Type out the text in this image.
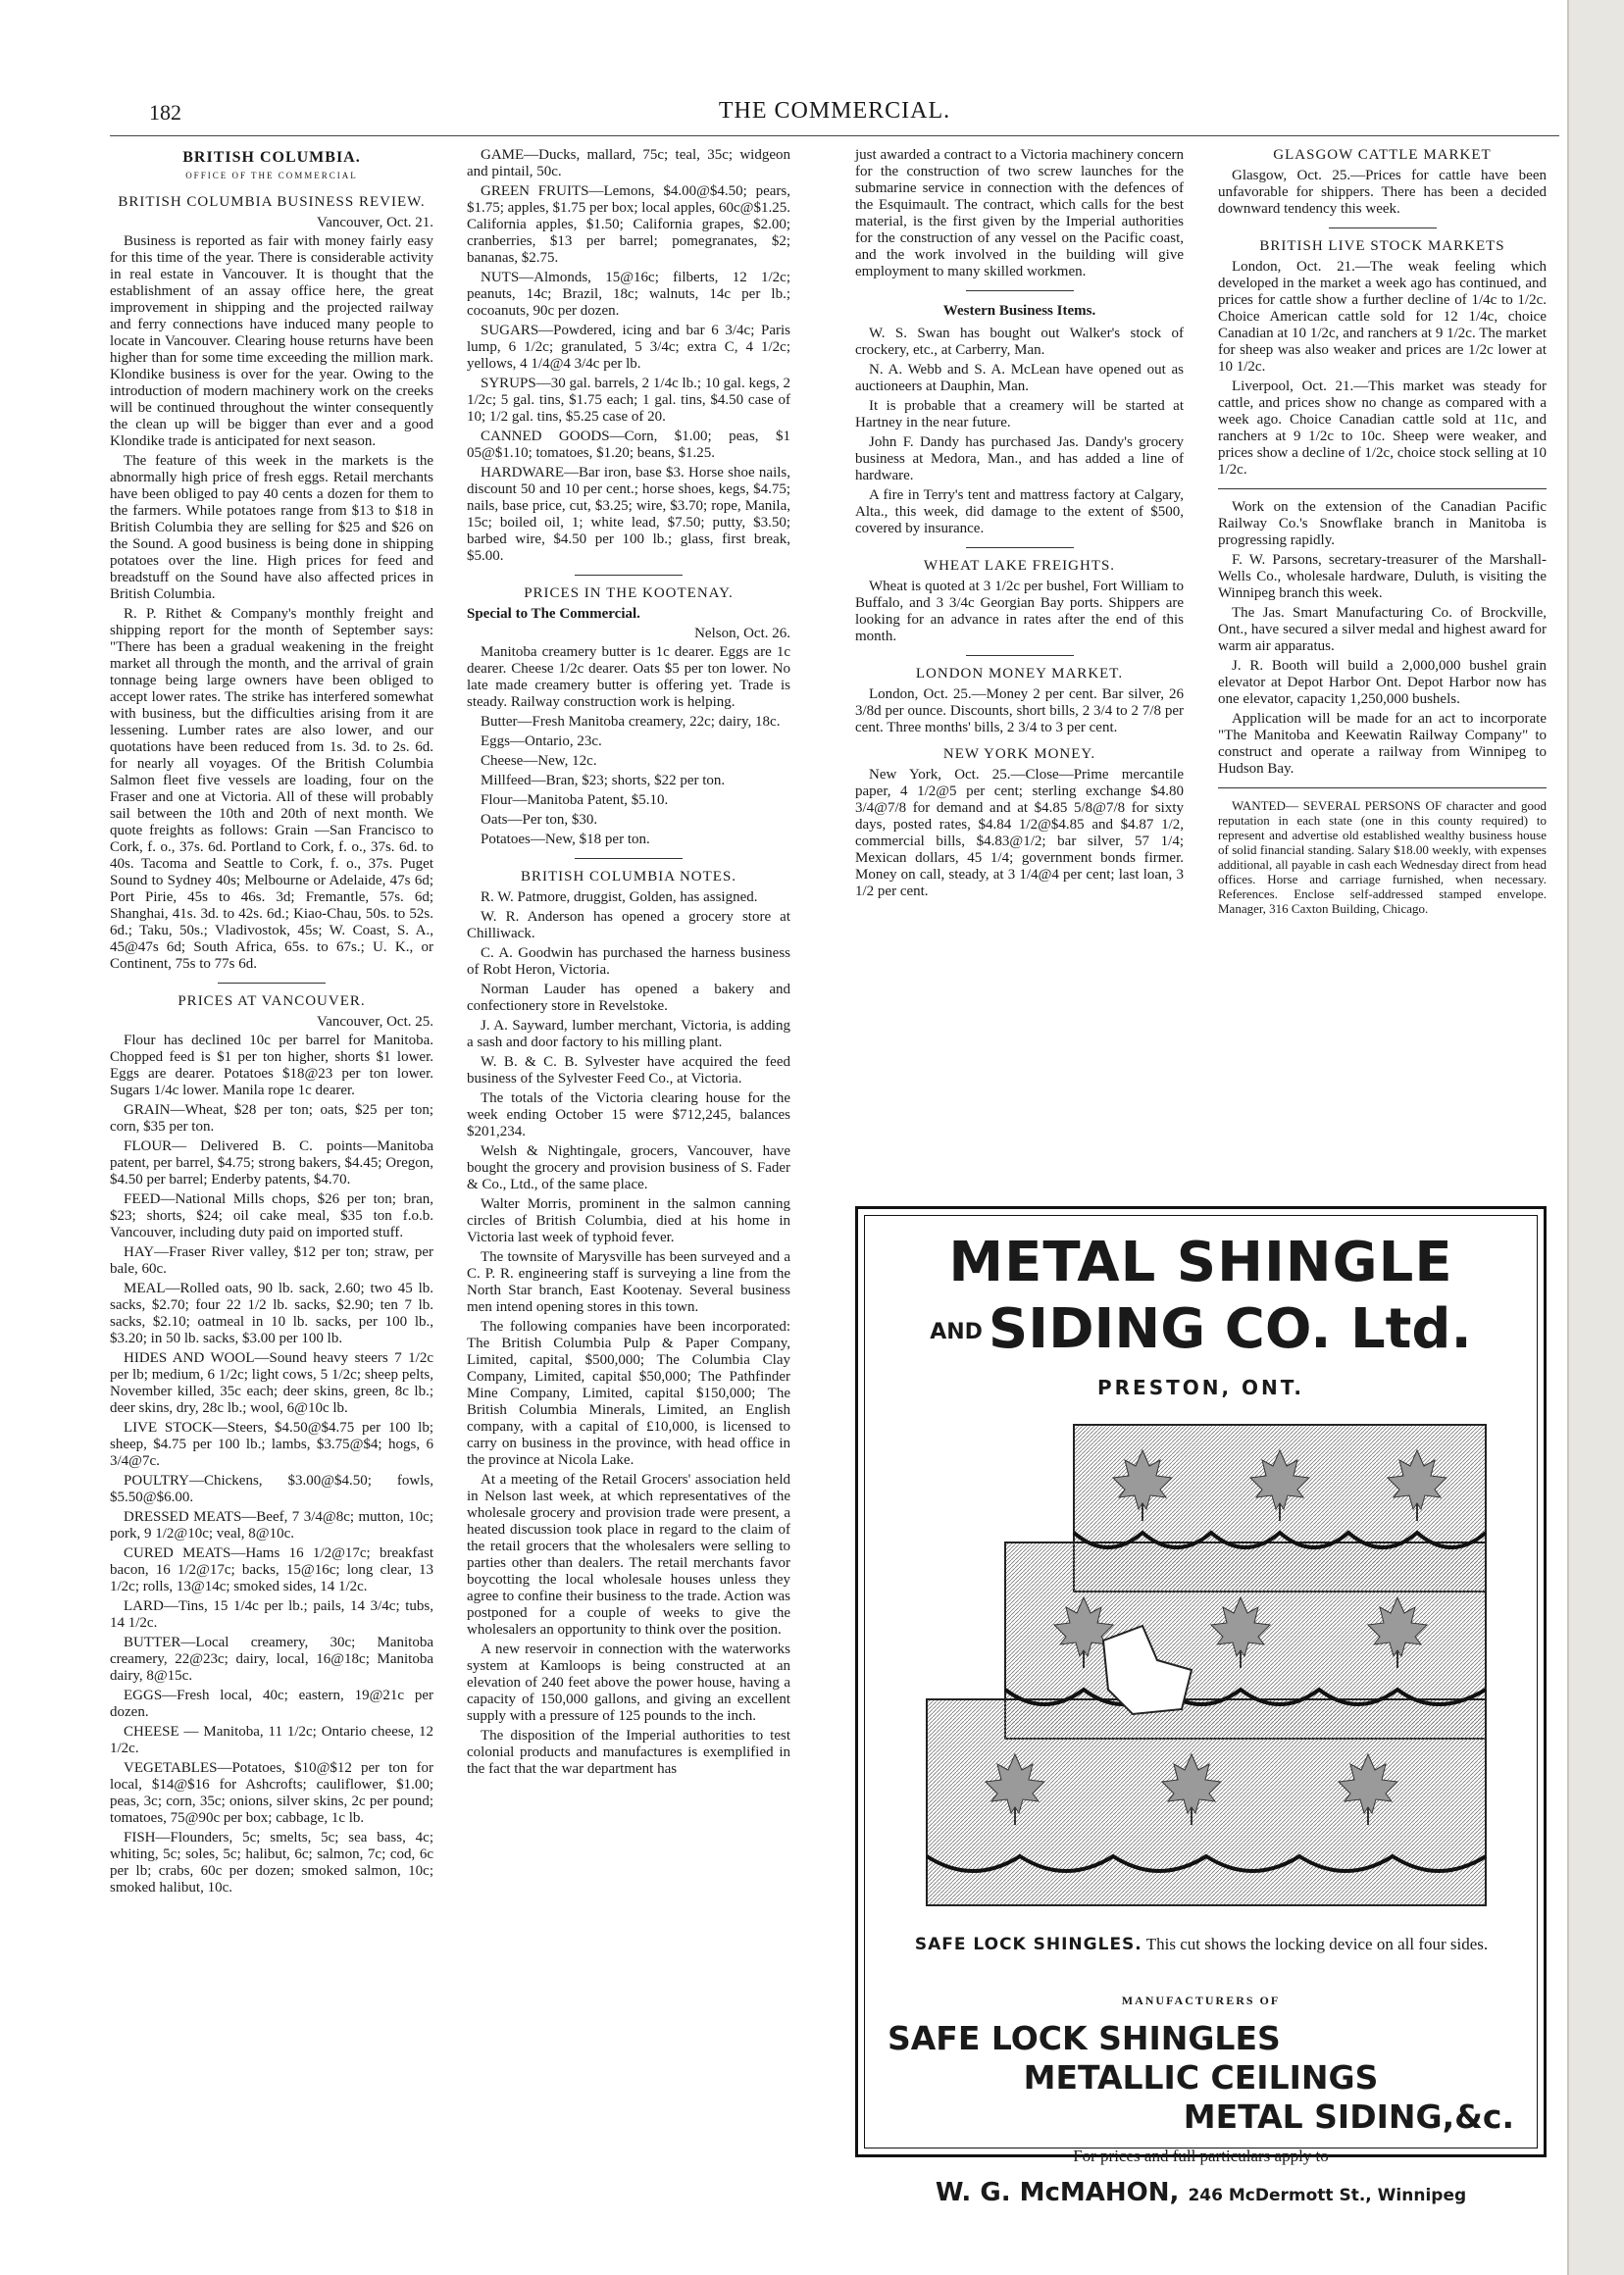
182	THE COMMERCIAL.
BRITISH COLUMBIA.
OFFICE OF THE COMMERCIAL
BRITISH COLUMBIA BUSINESS REVIEW.
Vancouver, Oct. 21.

Business is reported as fair with money fairly easy for this time of the year. There is considerable activity in real estate in Vancouver. It is thought that the establishment of an assay office here, the great improvement in shipping and the projected railway and ferry connections have induced many people to locate in Vancouver. Clearing house returns have been higher than for some time exceeding the million mark. Klondike business is over for the year. Owing to the introduction of modern machinery work on the creeks will be continued throughout the winter consequently the clean up will be bigger than ever and a good Klondike trade is anticipated for next season.

The feature of this week in the markets is the abnormally high price of fresh eggs. Retail merchants have been obliged to pay 40 cents a dozen for them to the farmers. While potatoes range from $13 to $18 in British Columbia they are selling for $25 and $26 on the Sound. A good business is being done in shipping potatoes over the line. High prices for feed and breadstuff on the Sound have also affected prices in British Columbia.

R. P. Rithet & Company's monthly freight and shipping report for the month of September says: "There has been a gradual weakening in the freight market all through the month, and the arrival of grain tonnage being large owners have been obliged to accept lower rates. The strike has interfered somewhat with business, but the difficulties arising from it are lessening. Lumber rates are also lower, and our quotations have been reduced from 1s. 3d. to 2s. 6d. for nearly all voyages. Of the British Columbia Salmon fleet five vessels are loading, four on the Fraser and one at Victoria. All of these will probably sail between the 10th and 20th of next month. We quote freights as follows: Grain —San Francisco to Cork, f. o., 37s. 6d. Portland to Cork, f. o., 37s. 6d. to 40s. Tacoma and Seattle to Cork, f. o., 37s. Puget Sound to Sydney 40s; Melbourne or Adelaide, 47s 6d; Port Pirie, 45s to 46s. 3d; Fremantle, 57s. 6d; Shanghai, 41s. 3d. to 42s. 6d.; Kiao-Chau, 50s. to 52s. 6d.; Taku, 50s.; Vladivostok, 45s; W. Coast, S. A., 45@47s 6d; South Africa, 65s. to 67s.; U. K., or Continent, 75s to 77s 6d.

PRICES AT VANCOUVER.
Vancouver, Oct. 25.

Flour has declined 10c per barrel for Manitoba. Chopped feed is $1 per ton higher, shorts $1 lower. Eggs are dearer. Potatoes $18@23 per ton lower. Sugars 1/4c lower. Manila rope 1c dearer.

GRAIN—Wheat, $28 per ton; oats, $25 per ton; corn, $35 per ton.

FLOUR— Delivered B. C. points—Manitoba patent, per barrel, $4.75; strong bakers, $4.45; Oregon, $4.50 per barrel; Enderby patents, $4.70.

FEED—National Mills chops, $26 per ton; bran, $23; shorts, $24; oil cake meal, $35 ton f.o.b. Vancouver, including duty paid on imported stuff.

HAY—Fraser River valley, $12 per ton; straw, per bale, 60c.

MEAL—Rolled oats, 90 lb. sack, 2.60; two 45 lb. sacks, $2.70; four 22 1/2 lb. sacks, $2.90; ten 7 lb. sacks, $2.10; oatmeal in 10 lb. sacks, per 100 lb., $3.20; in 50 lb. sacks, $3.00 per 100 lb.

HIDES AND WOOL—Sound heavy steers 7 1/2c per lb; medium, 6 1/2c; light cows, 5 1/2c; sheep pelts, November killed, 35c each; deer skins, green, 8c lb.; deer skins, dry, 28c lb.; wool, 6@10c lb.

LIVE STOCK—Steers, $4.50@$4.75 per 100 lb; sheep, $4.75 per 100 lb.; lambs, $3.75@$4; hogs, 6 3/4@7c.

POULTRY—Chickens, $3.00@$4.50; fowls, $5.50@$6.00.

DRESSED MEATS—Beef, 7 3/4@8c; mutton, 10c; pork, 9 1/2@10c; veal, 8@10c.

CURED MEATS—Hams 16 1/2@17c; breakfast bacon, 16 1/2@17c; backs, 15@16c; long clear, 13 1/2c; rolls, 13@14c; smoked sides, 14 1/2c.

LARD—Tins, 15 1/4c per lb.; pails, 14 3/4c; tubs, 14 1/2c.

BUTTER—Local creamery, 30c; Manitoba creamery, 22@23c; dairy, local, 16@18c; Manitoba dairy, 8@15c.

EGGS—Fresh local, 40c; eastern, 19@21c per dozen.

CHEESE — Manitoba, 11 1/2c; Ontario cheese, 12 1/2c.

VEGETABLES—Potatoes, $10@$12 per ton for local, $14@$16 for Ashcrofts; cauliflower, $1.00; peas, 3c; corn, 35c; onions, silver skins, 2c per pound; tomatoes, 75@90c per box; cabbage, 1c lb.

FISH—Flounders, 5c; smelts, 5c; sea bass, 4c; whiting, 5c; soles, 5c; halibut, 6c; salmon, 7c; cod, 6c per lb; crabs, 60c per dozen; smoked salmon, 10c; smoked halibut, 10c.

GAME—Ducks, mallard, 75c; teal, 35c; widgeon and pintail, 50c.

GREEN FRUITS—Lemons, $4.00@$4.50; pears, $1.75; apples, $1.75 per box; local apples, 60c@$1.25. California apples, $1.50; California grapes, $2.00; cranberries, $13 per barrel; pomegranates, $2; bananas, $2.75.

NUTS—Almonds, 15@16c; filberts, 12 1/2c; peanuts, 14c; Brazil, 18c; walnuts, 14c per lb.; cocoanuts, 90c per dozen.

SUGARS—Powdered, icing and bar 6 3/4c; Paris lump, 6 1/2c; granulated, 5 3/4c; extra C, 4 1/2c; yellows, 4 1/4@4 3/4c per lb.

SYRUPS—30 gal. barrels, 2 1/4c lb.; 10 gal. kegs, 2 1/2c; 5 gal. tins, $1.75 each; 1 gal. tins, $4.50 case of 10; 1/2 gal. tins, $5.25 case of 20.

CANNED GOODS—Corn, $1.00; peas, $1 05@$1.10; tomatoes, $1.20; beans, $1.25.

HARDWARE—Bar iron, base $3. Horse shoe nails, discount 50 and 10 per cent.; horse shoes, kegs, $4.75; nails, base price, cut, $3.25; wire, $3.70; rope, Manila, 15c; boiled oil, 1; white lead, $7.50; putty, $3.50; barbed wire, $4.50 per 100 lb.; glass, first break, $5.00.

PRICES IN THE KOOTENAY.

Special to The Commercial.

Nelson, Oct. 26.

Manitoba creamery butter is 1c dearer. Eggs are 1c dearer. Cheese 1/2c dearer. Oats $5 per ton lower. No late made creamery butter is offering yet. Trade is steady. Railway construction work is helping.

Butter—Fresh Manitoba creamery, 22c; dairy, 18c.

Eggs—Ontario, 23c.

Cheese—New, 12c.

Millfeed—Bran, $23; shorts, $22 per ton.

Flour—Manitoba Patent, $5.10.

Oats—Per ton, $30.

Potatoes—New, $18 per ton.

BRITISH COLUMBIA NOTES.

R. W. Patmore, druggist, Golden, has assigned.

W. R. Anderson has opened a grocery store at Chilliwack.

C. A. Goodwin has purchased the harness business of Robt Heron, Victoria.

Norman Lauder has opened a bakery and confectionery store in Revelstoke.

J. A. Sayward, lumber merchant, Victoria, is adding a sash and door factory to his milling plant.

W. B. & C. B. Sylvester have acquired the feed business of the Sylvester Feed Co., at Victoria.

The totals of the Victoria clearing house for the week ending October 15 were $712,245, balances $201,234.

Welsh & Nightingale, grocers, Vancouver, have bought the grocery and provision business of S. Fader & Co., Ltd., of the same place.

Walter Morris, prominent in the salmon canning circles of British Columbia, died at his home in Victoria last week of typhoid fever.

The townsite of Marysville has been surveyed and a C. P. R. engineering staff is surveying a line from the North Star branch, East Kootenay. Several business men intend opening stores in this town.

The following companies have been incorporated: The British Columbia Pulp & Paper Company, Limited, capital, $500,000; The Columbia Clay Company, Limited, capital $50,000; The Pathfinder Mine Company, Limited, capital $150,000; The British Columbia Minerals, Limited, an English company, with a capital of £10,000, is licensed to carry on business in the province, with head office in the province at Nicola Lake.

At a meeting of the Retail Grocers' association held in Nelson last week, at which representatives of the wholesale grocery and provision trade were present, a heated discussion took place in regard to the claim of the retail grocers that the wholesalers were selling to parties other than dealers. The retail merchants favor boycotting the local wholesale houses unless they agree to confine their business to the trade. Action was postponed for a couple of weeks to give the wholesalers an opportunity to think over the position.

A new reservoir in connection with the waterworks system at Kamloops is being constructed at an elevation of 240 feet above the power house, having a capacity of 150,000 gallons, and giving an excellent supply with a pressure of 125 pounds to the inch.

The disposition of the Imperial authorities to test colonial products and manufactures is exemplified in the fact that the war department has

just awarded a contract to a Victoria machinery concern for the construction of two screw launches for the submarine service in connection with the defences of the Esquimault. The contract, which calls for the best material, is the first given by the Imperial authorities for the construction of any vessel on the Pacific coast, and the work involved in the building will give employment to many skilled workmen.

Western Business Items.

W. S. Swan has bought out Walker's stock of crockery, etc., at Carberry, Man.

N. A. Webb and S. A. McLean have opened out as auctioneers at Dauphin, Man.

It is probable that a creamery will be started at Hartney in the near future.

John F. Dandy has purchased Jas. Dandy's grocery business at Medora, Man., and has added a line of hardware.

A fire in Terry's tent and mattress factory at Calgary, Alta., this week, did damage to the extent of $500, covered by insurance.

WHEAT LAKE FREIGHTS.

Wheat is quoted at 3 1/2c per bushel, Fort William to Buffalo, and 3 3/4c Georgian Bay ports. Shippers are looking for an advance in rates after the end of this month.

LONDON MONEY MARKET.

London, Oct. 25.—Money 2 per cent. Bar silver, 26 3/8d per ounce. Discounts, short bills, 2 3/4 to 2 7/8 per cent. Three months' bills, 2 3/4 to 3 per cent.

NEW YORK MONEY.

New York, Oct. 25.—Close—Prime mercantile paper, 4 1/2@5 per cent; sterling exchange $4.80 3/4@7/8 for demand and at $4.85 5/8@7/8 for sixty days, posted rates, $4.84 1/2@$4.85 and $4.87 1/2, commercial bills, $4.83@1/2; bar silver, 57 1/4; Mexican dollars, 45 1/4; government bonds firmer. Money on call, steady, at 3 1/4@4 per cent; last loan, 3 1/2 per cent.

GLASGOW CATTLE MARKET

Glasgow, Oct. 25.—Prices for cattle have been unfavorable for shippers. There has been a decided downward tendency this week.

BRITISH LIVE STOCK MARKETS

London, Oct. 21.—The weak feeling which developed in the market a week ago has continued, and prices for cattle show a further decline of 1/4c to 1/2c. Choice American cattle sold for 12 1/4c, choice Canadian at 10 1/2c, and ranchers at 9 1/2c. The market for sheep was also weaker and prices are 1/2c lower at 10 1/2c.

Liverpool, Oct. 21.—This market was steady for cattle, and prices show no change as compared with a week ago. Choice Canadian cattle sold at 11c, and ranchers at 9 1/2c to 10c. Sheep were weaker, and prices show a decline of 1/2c, choice stock selling at 10 1/2c.

Work on the extension of the Canadian Pacific Railway Co.'s Snowflake branch in Manitoba is progressing rapidly.

F. W. Parsons, secretary-treasurer of the Marshall-Wells Co., wholesale hardware, Duluth, is visiting the Winnipeg branch this week.

The Jas. Smart Manufacturing Co. of Brockville, Ont., have secured a silver medal and highest award for warm air apparatus.

J. R. Booth will build a 2,000,000 bushel grain elevator at Depot Harbor Ont. Depot Harbor now has one elevator, capacity 1,250,000 bushels.

Application will be made for an act to incorporate "The Manitoba and Keewatin Railway Company" to construct and operate a railway from Winnipeg to Hudson Bay.

WANTED— SEVERAL PERSONS OF character and good reputation in each state (one in this county required) to represent and advertise old established wealthy business house of solid financial standing. Salary $18.00 weekly, with expenses additional, all payable in cash each Wednesday direct from head offices. Horse and carriage furnished, when necessary. References. Enclose self-addressed stamped envelope. Manager, 316 Caxton Building, Chicago.

METAL SHINGLE
AND SIDING CO. Ltd.
PRESTON, ONT.
SAFE LOCK SHINGLES. This cut shows the locking device on all four sides.
MANUFACTURERS OF
SAFE LOCK SHINGLES
METALLIC CEILINGS
METAL SIDING,&c.
For prices and full particulars apply to
W. G. McMAHON, 246 McDermott St., Winnipeg
